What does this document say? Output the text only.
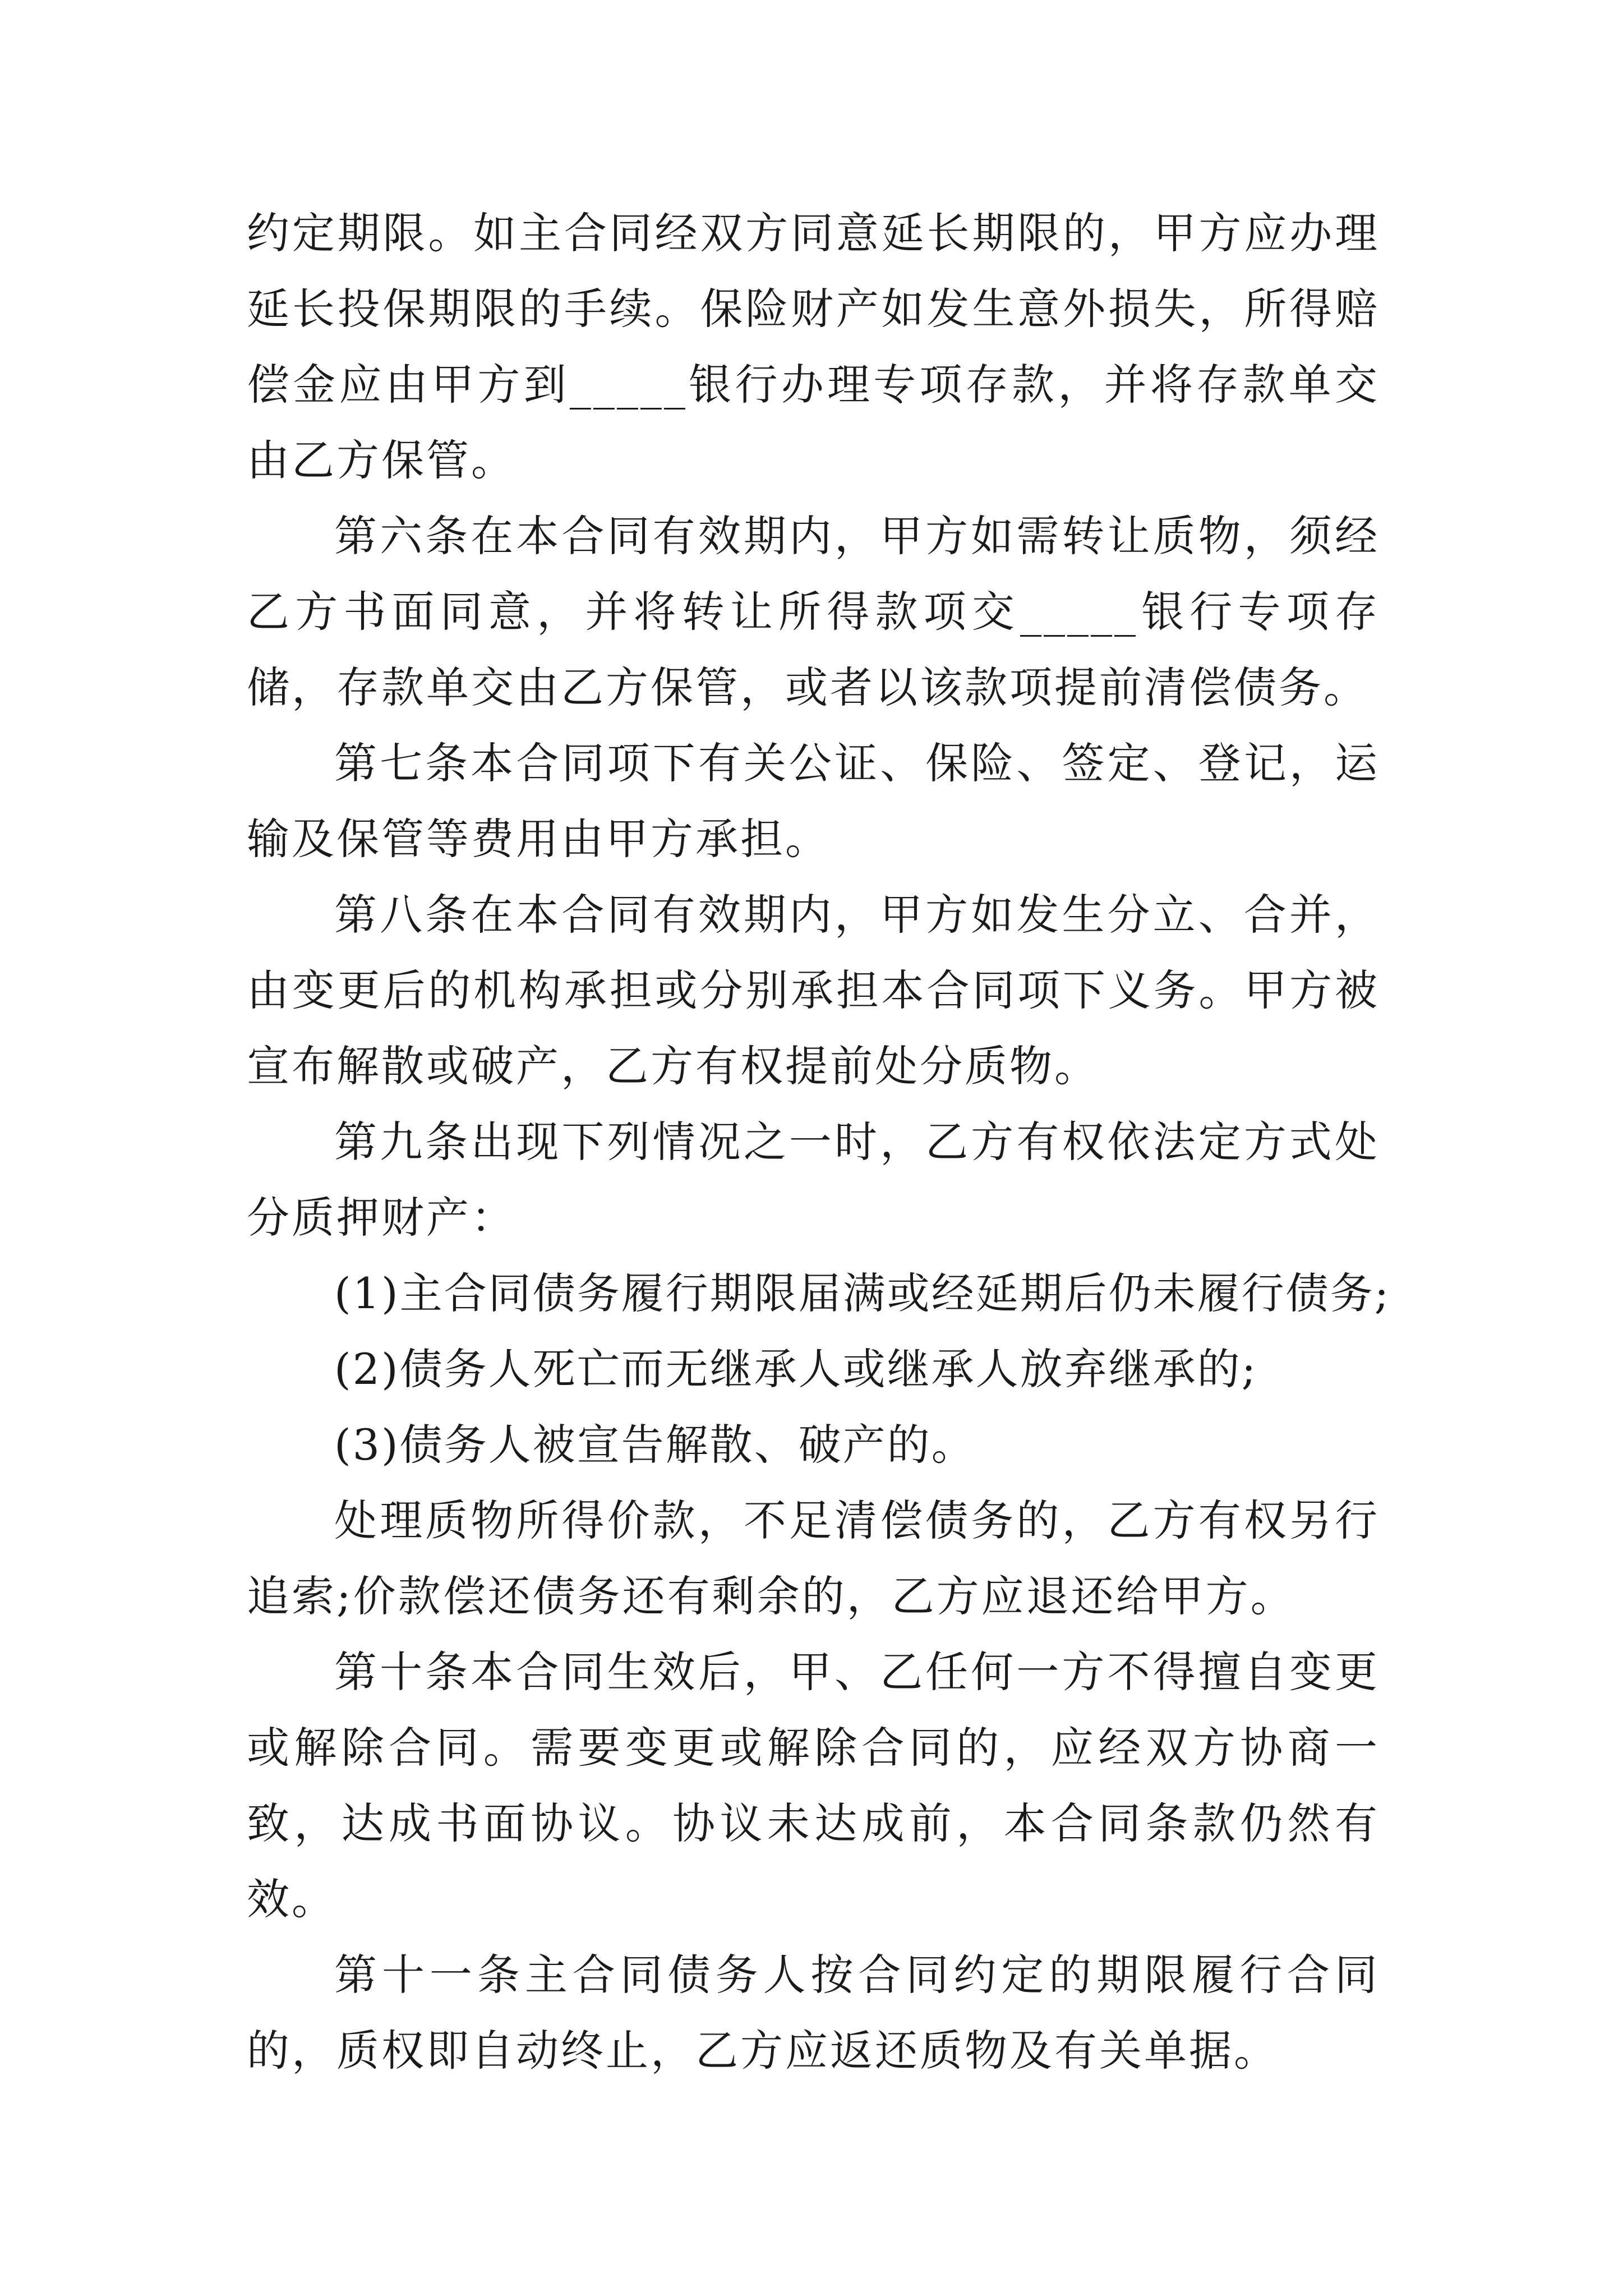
约定期限。如主合同经双方同意延长期限的，甲方应办理延长投保期限的手续。保险财产如发生意外损失，所得赔偿金应由甲方到_____银行办理专项存款，并将存款单交由乙方保管。

第六条在本合同有效期内，甲方如需转让质物，须经乙方书面同意，并将转让所得款项交_____银行专项存储，存款单交由乙方保管，或者以该款项提前清偿债务。

第七条本合同项下有关公证、保险、签定、登记，运输及保管等费用由甲方承担。

第八条在本合同有效期内，甲方如发生分立、合并，由变更后的机构承担或分别承担本合同项下义务。甲方被宣布解散或破产，乙方有权提前处分质物。

第九条出现下列情况之一时，乙方有权依法定方式处分质押财产：

(1)主合同债务履行期限届满或经延期后仍未履行债务;

(2)债务人死亡而无继承人或继承人放弃继承的;

(3)债务人被宣告解散、破产的。

处理质物所得价款，不足清偿债务的，乙方有权另行追索;价款偿还债务还有剩余的，乙方应退还给甲方。

第十条本合同生效后，甲、乙任何一方不得擅自变更或解除合同。需要变更或解除合同的，应经双方协商一致，达成书面协议。协议未达成前，本合同条款仍然有效。

第十一条主合同债务人按合同约定的期限履行合同的，质权即自动终止，乙方应返还质物及有关单据。
